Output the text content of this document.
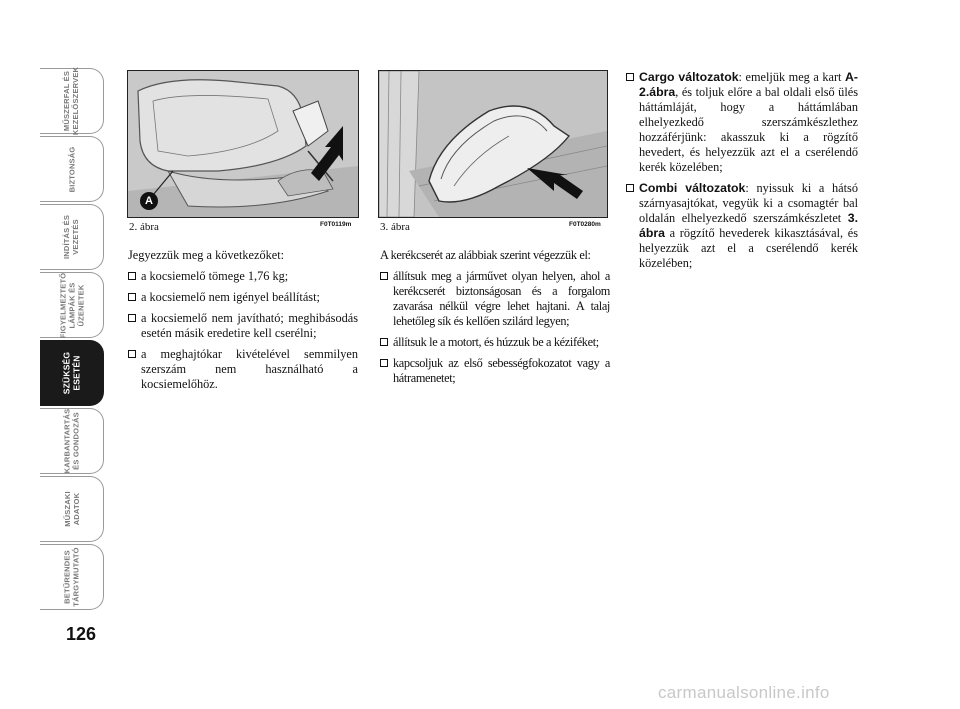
MŰSZERFAL ÉS
KEZELŐSZERVEK
BIZTONSÁG
INDÍTÁS ÉS
VEZETÉS
FIGYELMEZTETŐ
LÁMPÁK ÉS
ÜZENETEK
SZÜKSÉG
ESETÉN
KARBANTARTÁS
ÉS GONDOZÁS
MŰSZAKI
ADATOK
BETŰRENDES
TÁRGYMUTATÓ
126
A
2. ábra	F0T0119m	3. ábra	F0T0280m

Jegyezzük meg a következőket:

a kocsiemelő tömege 1,76 kg;
a kocsiemelő nem igényel beállítást;
a kocsiemelő nem javítható; meghibásodás esetén másik eredetire kell cserélni;
a meghajtókar kivételével semmilyen szerszám nem használható a kocsiemelőhöz.

A kerékcserét az alábbiak szerint végezzük el:

állítsuk meg a járművet olyan helyen, ahol a kerékcserét biztonságosan és a forgalom zavarása nélkül végre lehet hajtani. A talaj lehetőleg sík és kellően szilárd legyen;
állítsuk le a motort, és húzzuk be a kéziféket;
kapcsoljuk az első sebességfokozatot vagy a hátramenetet;
Cargo változatok: emeljük meg a kart A-2.ábra, és toljuk előre a bal oldali első ülés háttámláját, hogy a háttámlában elhelyezkedő szerszámkészlethez hozzáférjünk: akasszuk ki a rögzítő hevedert, és helyezzük azt el a cserélendő kerék közelében;
Combi változatok: nyissuk ki a hátsó szárnyasajtókat, vegyük ki a csomagtér bal oldalán elhelyezkedő szerszámkészletet 3. ábra a rögzítő hevederek kikasztásával, és helyezzük azt el a cserélendő kerék közelében;
carmanualsonline.info
